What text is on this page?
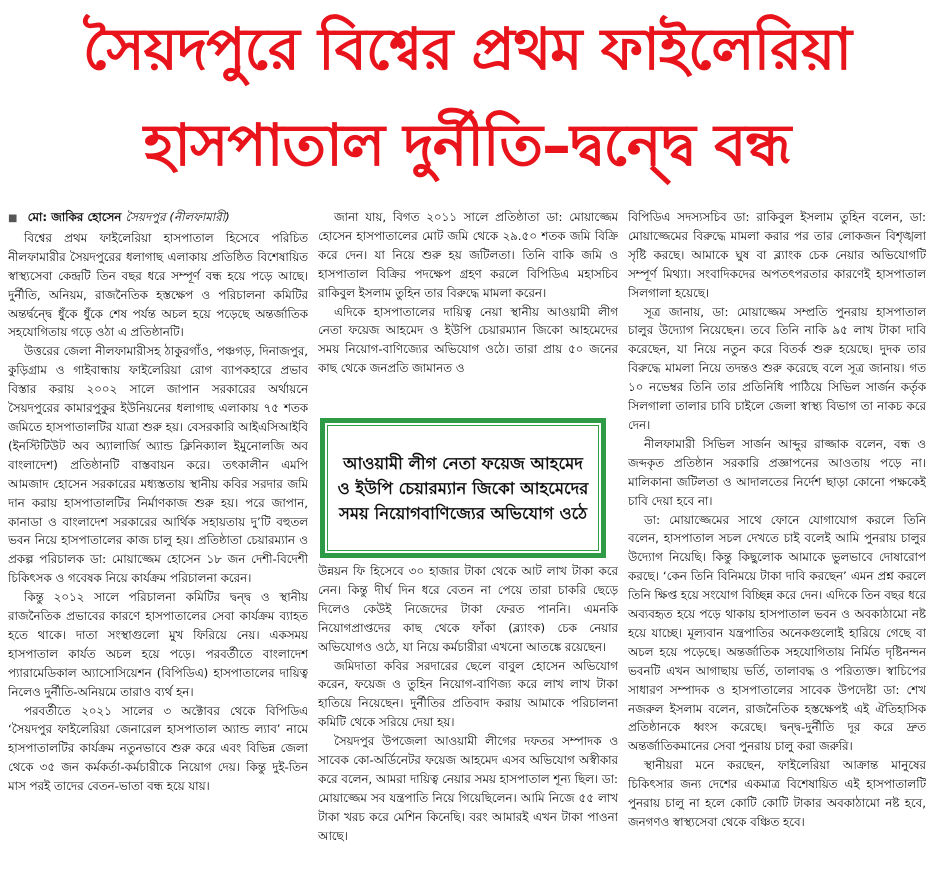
সৈয়দপুরে বিশ্বের প্রথম ফাইলেরিয়া
হাসপাতাল দুর্নীতি–দ্বন্দ্বে বন্ধ

■ মো: জাকির হোসেন সৈয়দপুর (নীলফামারী)

বিশ্বের প্রথম ফাইলেরিয়া হাসপাতাল হিসেবে পরিচিত নীলফামারীর সৈয়দপুরের ধলাগাছ এলাকায় প্রতিষ্ঠিত বিশেষায়িত স্বাস্থ্যসেবা কেন্দ্রটি তিন বছর ধরে সম্পূর্ণ বন্ধ হয়ে পড়ে আছে। দুর্নীতি, অনিয়ম, রাজনৈতিক হস্তক্ষেপ ও পরিচালনা কমিটির অন্তর্দ্বন্দ্বে ধুঁকে ধুঁকে শেষ পর্যন্ত অচল হয়ে পড়েছে অন্তর্জাতিক সহযোগিতায় গড়ে ওঠা এ প্রতিষ্ঠানটি।

উত্তরের জেলা নীলফামারীসহ ঠাকুরগাঁও, পঞ্চগড়, দিনাজপুর, কুড়িগ্রাম ও গাইবান্ধায় ফাইলেরিয়া রোগ ব্যাপকহারে প্রভাব বিস্তার করায় ২০০২ সালে জাপান সরকারের অর্থায়নে সৈয়দপুরের কামারপুকুর ইউনিয়নের ধলাগাছ এলাকায় ৭৫ শতক জমিতে হাসপাতালটির যাত্রা শুরু হয়। বেসরকারি আইএসিআইবি (ইনস্টিটিউট অব অ্যালার্জি অ্যান্ড ক্লিনিক্যাল ইমুনোলজি অব বাংলাদেশ) প্রতিষ্ঠানটি বাস্তবায়ন করে। তৎকালীন এমপি আমজাদ হোসেন সরকারের মধ্যস্ততায় স্থানীয় কবির সরদার জমি দান করায় হাসপাতালটির নির্মাণকাজ শুরু হয়। পরে জাপান, কানাডা ও বাংলাদেশ সরকারের আর্থিক সহায়তায় দু’টি বহুতল ভবন নিয়ে হাসপাতালের কাজ চালু হয়। প্রতিষ্ঠাতা চেয়ারম্যান ও প্রকল্প পরিচালক ডা: মোয়াজ্জেম হোসেন ১৮ জন দেশী-বিদেশী চিকিৎসক ও গবেষক নিয়ে কার্যক্রম পরিচালনা করেন।

কিন্তু ২০১২ সালে পরিচালনা কমিটির দ্বন্দ্ব ও স্থানীয় রাজনৈতিক প্রভাবের কারণে হাসপাতালের সেবা কার্যক্রম ব্যাহত হতে থাকে। দাতা সংস্থাগুলো মুখ ফিরিয়ে নেয়। একসময় হাসপাতাল কার্যত অচল হয়ে পড়ে। পরবর্তীতে বাংলাদেশ প্যারামেডিকাল অ্যাসোসিয়েশন (বিপিডিএ) হাসপাতালের দায়িত্ব নিলেও দুর্নীতি-অনিয়মে তারাও ব্যর্থ হন।

পরবর্তীতে ২০২১ সালের ৩ অক্টোবর থেকে বিপিডিএ ‘সৈয়দপুর ফাইলেরিয়া জেনারেল হাসপাতাল অ্যান্ড ল্যাব’ নামে হাসপাতালটির কার্যক্রম নতুনভাবে শুরু করে এবং বিভিন্ন জেলা থেকে ৩৫ জন কর্মকর্তা-কর্মচারীকে নিয়োগ দেয়। কিন্তু দুই-তিন মাস পরই তাদের বেতন-ভাতা বন্ধ হয়ে যায়।

জানা যায়, বিগত ২০১১ সালে প্রতিষ্ঠাতা ডা: মোয়াজ্জেম হোসেন হাসপাতালের মোট জমি থেকে ২৯.৫০ শতক জমি বিক্রি করে দেন। যা নিয়ে শুরু হয় জটিলতা। তিনি বাকি জমি ও হাসপাতাল বিক্রির পদক্ষেপ গ্রহণ করলে বিপিডিএ মহাসচিব রাকিবুল ইসলাম তুহিন তার বিরুদ্ধে মামলা করেন।

এদিকে হাসপাতালের দায়িত্ব নেয়া স্থানীয় আওয়ামী লীগ নেতা ফয়েজ আহমেদ ও ইউপি চেয়ারম্যান জিকো আহমেদের সময় নিয়োগ-বাণিজ্যের অভিযোগ ওঠে। তারা প্রায় ৫০ জনের কাছ থেকে জনপ্রতি জামানত ও

উন্নয়ন ফি হিসেবে ৩০ হাজার টাকা থেকে আট লাখ টাকা করে নেন। কিন্তু দীর্ঘ দিন ধরে বেতন না পেয়ে তারা চাকরি ছেড়ে দিলেও কেউই নিজেদের টাকা ফেরত পাননি। এমনকি নিয়োগপ্রাপ্তদের কাছ থেকে ফাঁকা (ব্ল্যাংক) চেক নেয়ার অভিযোগও ওঠে, যা নিয়ে কর্মচারীরা এখনো আতঙ্কে রয়েছেন।

জমিদাতা কবির সরদারের ছেলে বাবুল হোসেন অভিযোগ করেন, ফয়েজ ও তুহিন নিয়োগ-বাণিজ্য করে লাখ লাখ টাকা হাতিয়ে নিয়েছেন। দুর্নীতির প্রতিবাদ করায় আমাকে পরিচালনা কমিটি থেকে সরিয়ে দেয়া হয়।

সৈয়দপুর উপজেলা আওয়ামী লীগের দফতর সম্পাদক ও সাবেক কো-অর্ডিনেটর ফয়েজ আহমেদ এসব অভিযোগ অস্বীকার করে বলেন, আমরা দায়িত্ব নেয়ার সময় হাসপাতাল শূন্য ছিল। ডা: মোয়াজ্জেম সব যন্ত্রপাতি নিয়ে গিয়েছিলেন। আমি নিজে ৫৫ লাখ টাকা খরচ করে মেশিন কিনেছি। বরং আমারই এখন টাকা পাওনা আছে।

আওয়ামী লীগ নেতা ফয়েজ আহমেদ ও ইউপি চেয়ারম্যান জিকো আহমেদের সময় নিয়োগবাণিজ্যের অভিযোগ ওঠে

বিপিডিএ সদস্যসচিব ডা: রাকিবুল ইসলাম তুহিন বলেন, ডা: মোয়াজ্জেমের বিরুদ্ধে মামলা করার পর তার লোকজন বিশৃঙ্খলা সৃষ্টি করছে। আমাকে ঘুষ বা ব্ল্যাংক চেক নেয়ার অভিযোগটি সম্পূর্ণ মিথ্যা। সংবাদিকদের অপতৎপরতার কারণেই হাসপাতাল সিলগালা হয়েছে।

সূত্র জানায়, ডা: মোয়াজ্জেম সম্প্রতি পুনরায় হাসপাতাল চালুর উদ্যোগ নিয়েছেন। তবে তিনি নাকি ৯৫ লাখ টাকা দাবি করেছেন, যা নিয়ে নতুন করে বিতর্ক শুরু হয়েছে। দুদক তার বিরুদ্ধে মামলা নিয়ে তদন্তও শুরু করেছে বলে সূত্র জানায়। গত ১০ নভেম্বর তিনি তার প্রতিনিধি পাঠিয়ে সিভিল সার্জন কর্তৃক সিলগালা তালার চাবি চাইলে জেলা স্বাস্থ্য বিভাগ তা নাকচ করে দেন।

নীলফামারী সিভিল সার্জন আব্দুর রাজ্জাক বলেন, বন্ধ ও জব্দকৃত প্রতিষ্ঠান সরকারি প্রজ্ঞাপনের আওতায় পড়ে না। মালিকানা জটিলতা ও আদালতের নির্দেশ ছাড়া কোনো পক্ষকেই চাবি দেয়া হবে না।

ডা: মোয়াজ্জেমের সাথে ফোনে যোগাযোগ করলে তিনি বলেন, হাসপাতাল সচল দেখতে চাই বলেই আমি পুনরায় চালুর উদ্যোগ নিয়েছি। কিন্তু কিছুলোক আমাকে ভুলভাবে দোষারোপ করছে। ‘কেন তিনি বিনিময়ে টাকা দাবি করছেন’ এমন প্রশ্ন করলে তিনি ক্ষিপ্ত হয়ে সংযোগ বিচ্ছিন্ন করে দেন। এদিকে তিন বছর ধরে অব্যবহৃত হয়ে পড়ে থাকায় হাসপাতাল ভবন ও অবকাঠামো নষ্ট হয়ে যাচ্ছে। মূল্যবান যন্ত্রপাতির অনেকগুলোই হারিয়ে গেছে বা অচল হয়ে পড়েছে। অন্তর্জাতিক সহযোগিতায় নির্মিত দৃষ্টিনন্দন ভবনটি এখন আগাছায় ভর্তি, তালাবদ্ধ ও পরিত্যক্ত। স্বাচিপের সাধারণ সম্পাদক ও হাসপাতালের সাবেক উপদেষ্টা ডা: শেখ নজরুল ইসলাম বলেন, রাজনৈতিক হস্তক্ষেপই এই ঐতিহাসিক প্রতিষ্ঠানকে ধ্বংস করেছে। দ্বন্দ্ব-দুর্নীতি দূর করে দ্রুত অন্তর্জাতিকমানের সেবা পুনরায় চালু করা জরুরি।

স্থানীয়রা মনে করছেন, ফাইলেরিয়া আক্রান্ত মানুষের চিকিৎসার জন্য দেশের একমাত্র বিশেষায়িত এই হাসপাতালটি পুনরায় চালু না হলে কোটি কোটি টাকার অবকাঠামো নষ্ট হবে, জনগণও স্বাস্থ্যসেবা থেকে বঞ্চিত হবে।
